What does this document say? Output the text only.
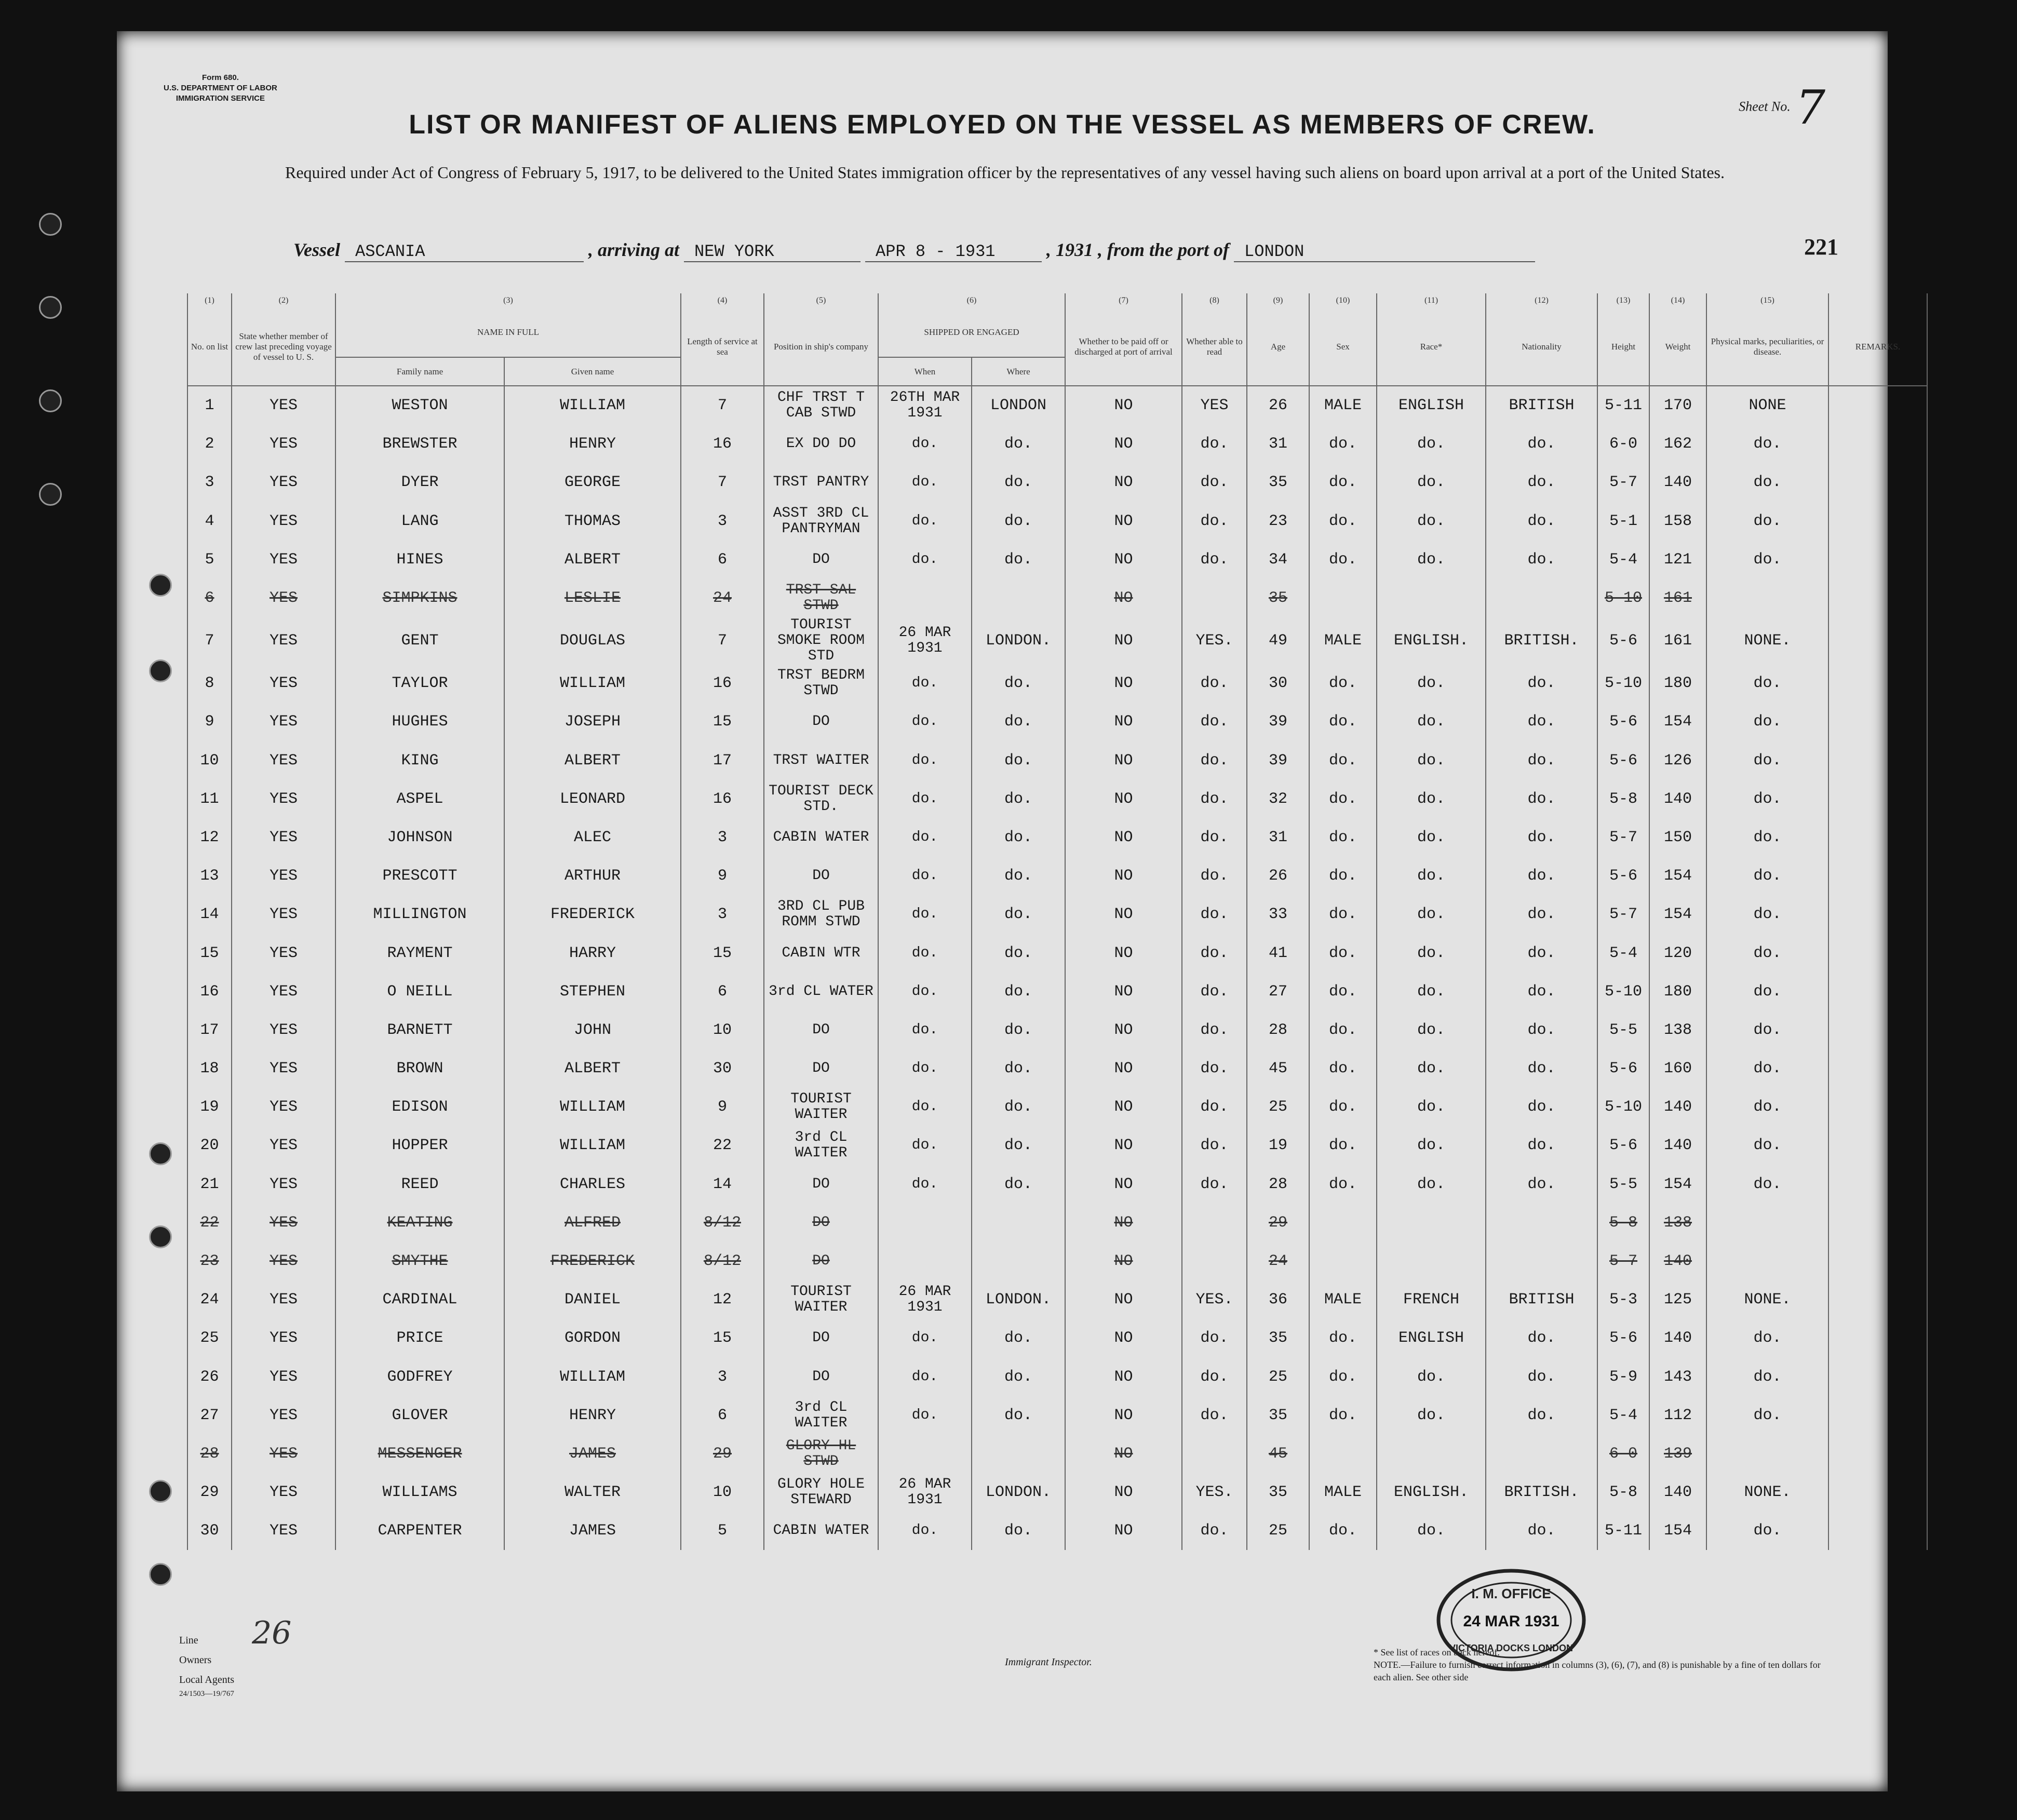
Form 680.
U.S. DEPARTMENT OF LABOR
IMMIGRATION SERVICE
Sheet No. 7
LIST OR MANIFEST OF ALIENS EMPLOYED ON THE VESSEL AS MEMBERS OF CREW.
Required under Act of Congress of February 5, 1917, to be delivered to the United States immigration officer by the representatives of any vessel having such aliens on board upon arrival at a port of the United States.
Vessel ASCANIA	, arriving at NEW YORK	APR 8 - 1931	, 1931 , from the port of LONDON	221
(1)	(2)	(3)		(4)	(5)	(6)		(7)	(8)	(9)	(10)	(11)	(12)	(13)	(14)	(15)	
No. on list	State whether member of crew last preceding voyage of vessel to U. S.	NAME IN FULL		Length of service at sea	Position in ship's company	SHIPPED OR ENGAGED		Whether to be paid off or discharged at port of arrival	Whether able to read	Age	Sex	Race*	Nationality	Height	Weight	Physical marks, peculiarities, or disease.	REMARKS.
		Family name	Given name			When	Where										
1	YES	WESTON	WILLIAM	7	CHF TRST T CAB STWD	26TH MAR 1931	LONDON	NO	YES	26	MALE	ENGLISH	BRITISH	5-11	170	NONE	
2	YES	BREWSTER	HENRY	16	EX DO DO	do.	do.	NO	do.	31	do.	do.	do.	6-0	162	do.	
3	YES	DYER	GEORGE	7	TRST PANTRY	do.	do.	NO	do.	35	do.	do.	do.	5-7	140	do.	
4	YES	LANG	THOMAS	3	ASST 3RD CL PANTRYMAN	do.	do.	NO	do.	23	do.	do.	do.	5-1	158	do.	
5	YES	HINES	ALBERT	6	DO	do.	do.	NO	do.	34	do.	do.	do.	5-4	121	do.	
6	YES	SIMPKINS	LESLIE	24	TRST SAL STWD			NO		35				5-10	161		
7	YES	GENT	DOUGLAS	7	TOURIST SMOKE ROOM STD	26 MAR 1931	LONDON.	NO	YES.	49	MALE	ENGLISH.	BRITISH.	5-6	161	NONE.	
8	YES	TAYLOR	WILLIAM	16	TRST BEDRM STWD	do.	do.	NO	do.	30	do.	do.	do.	5-10	180	do.	
9	YES	HUGHES	JOSEPH	15	DO	do.	do.	NO	do.	39	do.	do.	do.	5-6	154	do.	
10	YES	KING	ALBERT	17	TRST WAITER	do.	do.	NO	do.	39	do.	do.	do.	5-6	126	do.	
11	YES	ASPEL	LEONARD	16	TOURIST DECK STD.	do.	do.	NO	do.	32	do.	do.	do.	5-8	140	do.	
12	YES	JOHNSON	ALEC	3	CABIN WATER	do.	do.	NO	do.	31	do.	do.	do.	5-7	150	do.	
13	YES	PRESCOTT	ARTHUR	9	DO	do.	do.	NO	do.	26	do.	do.	do.	5-6	154	do.	
14	YES	MILLINGTON	FREDERICK	3	3RD CL PUB ROMM STWD	do.	do.	NO	do.	33	do.	do.	do.	5-7	154	do.	
15	YES	RAYMENT	HARRY	15	CABIN WTR	do.	do.	NO	do.	41	do.	do.	do.	5-4	120	do.	
16	YES	O NEILL	STEPHEN	6	3rd CL WATER	do.	do.	NO	do.	27	do.	do.	do.	5-10	180	do.	
17	YES	BARNETT	JOHN	10	DO	do.	do.	NO	do.	28	do.	do.	do.	5-5	138	do.	
18	YES	BROWN	ALBERT	30	DO	do.	do.	NO	do.	45	do.	do.	do.	5-6	160	do.	
19	YES	EDISON	WILLIAM	9	TOURIST WAITER	do.	do.	NO	do.	25	do.	do.	do.	5-10	140	do.	
20	YES	HOPPER	WILLIAM	22	3rd CL WAITER	do.	do.	NO	do.	19	do.	do.	do.	5-6	140	do.	
21	YES	REED	CHARLES	14	DO	do.	do.	NO	do.	28	do.	do.	do.	5-5	154	do.	
22	YES	KEATING	ALFRED	8/12	DO			NO		29				5-8	138		
23	YES	SMYTHE	FREDERICK	8/12	DO			NO		24				5-7	140		
24	YES	CARDINAL	DANIEL	12	TOURIST WAITER	26 MAR 1931	LONDON.	NO	YES.	36	MALE	FRENCH	BRITISH	5-3	125	NONE.	
25	YES	PRICE	GORDON	15	DO	do.	do.	NO	do.	35	do.	ENGLISH	do.	5-6	140	do.	
26	YES	GODFREY	WILLIAM	3	DO	do.	do.	NO	do.	25	do.	do.	do.	5-9	143	do.	
27	YES	GLOVER	HENRY	6	3rd CL WAITER	do.	do.	NO	do.	35	do.	do.	do.	5-4	112	do.	
28	YES	MESSENGER	JAMES	29	GLORY HL STWD			NO		45				6-0	139		
29	YES	WILLIAMS	WALTER	10	GLORY HOLE STEWARD	26 MAR 1931	LONDON.	NO	YES.	35	MALE	ENGLISH.	BRITISH.	5-8	140	NONE.	
30	YES	CARPENTER	JAMES	5	CABIN WATER	do.	do.	NO	do.	25	do.	do.	do.	5-11	154	do.	
26
Line
Owners
Local Agents
24/1503—19/767
Immigrant Inspector.
* See list of races on back hereof.
NOTE.—Failure to furnish correct information in columns (3), (6), (7), and (8) is punishable by a fine of ten dollars for each alien. See other side
I. M. OFFICE
24 MAR 1931
VICTORIA DOCKS LONDON
